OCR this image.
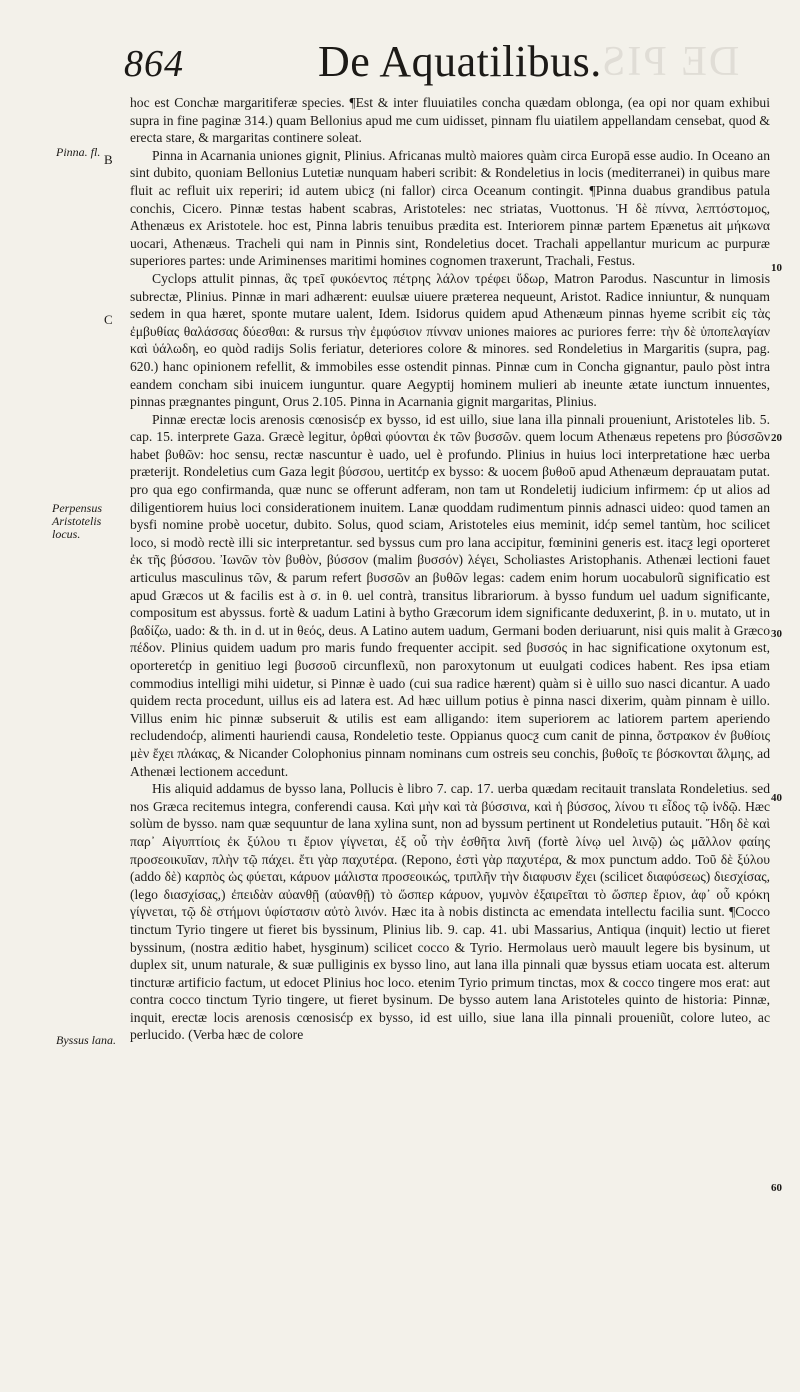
DE PIS
864	De Aquatilibus.
Pinna. fl.
Perpensus Aristotelis locus.
Byssus lana.
B
C
10
20
30
40
60

hoc est Conchæ margaritiferæ species. ¶Est & inter fluuiatiles concha quædam oblonga, (ea opi nor quam exhibui supra in fine paginæ 314.) quam Bellonius apud me cum uidisset, pinnam flu uiatilem appellandam censebat, quod & erecta stare, & margaritas continere soleat.

Pinna in Acarnania uniones gignit, Plinius. Africanas multò maiores quàm circa Europā esse audio. In Oceano an sint dubito, quoniam Bellonius Lutetiæ nunquam haberi scribit: & Rondeletius in locis (mediterranei) in quibus mare fluit ac refluit uix reperiri; id autem ubicƺ (ni fallor) circa Oceanum contingit. ¶Pinna duabus grandibus patula conchis, Cicero. Pinnæ testas habent scabras, Aristoteles: nec striatas, Vuottonus. Ἡ δὲ πίννα, λεπτόστομος, Athenæus ex Aristotele. hoc est, Pinna labris tenuibus prædita est. Interiorem pinnæ partem Epænetus ait μήκωνα uocari, Athenæus. Tracheli qui nam in Pinnis sint, Rondeletius docet. Trachali appellantur muricum ac purpuræ superiores partes: unde Ariminenses maritimi homines cognomen traxerunt, Trachali, Festus.

Cyclops attulit pinnas, ἃς τρεῖ φυκόεντος πέτρης λάλον τρέφει ὕδωρ, Matron Parodus. Nascuntur in limosis subrectæ, Plinius. Pinnæ in mari adhærent: euulsæ uiuere præterea nequeunt, Aristot. Radice inniuntur, & nunquam sedem in qua hæret, sponte mutare ualent, Idem. Isidorus quidem apud Athenæum pinnas hyeme scribit εἰς τὰς ἐμβυθίας θαλάσσας δύεσθαι: & rursus τὴν ἐμφύσιον πίνναν uniones maiores ac puriores ferre: τὴν δὲ ὑποπελαγίαν καὶ ὑάλωδη, eo quòd radijs Solis feriatur, deteriores colore & minores. sed Rondeletius in Margaritis (supra, pag. 620.) hanc opinionem refellit, & immobiles esse ostendit pinnas. Pinnæ cum in Concha gignantur, paulo pòst intra eandem concham sibi inuicem iunguntur. quare Aegyptij hominem mulieri ab ineunte ætate iunctum innuentes, pinnas prægnantes pingunt, Orus 2.105. Pinna in Acarnania gignit margaritas, Plinius.

Pinnæ erectæ locis arenosis cœnosisćp ex bysso, id est uillo, siue lana illa pinnali proueniunt, Aristoteles lib. 5. cap. 15. interprete Gaza. Græcè legitur, ὀρθαὶ φύονται ἐκ τῶν βυσσῶν. quem locum Athenæus repetens pro βύσσῶν habet βυθῶν: hoc sensu, rectæ nascuntur è uado, uel è profundo. Plinius in huius loci interpretatione hæc uerba præterijt. Rondeletius cum Gaza legit βύσσου, uertitćp ex bysso: & uocem βυθοῦ apud Athenæum deprauatam putat. pro qua ego confirmanda, quæ nunc se offerunt adferam, non tam ut Rondeletij iudicium infirmem: ćp ut alios ad diligentiorem huius loci considerationem inuitem. Lanæ quoddam rudimentum pinnis adnasci uideo: quod tamen an bysfi nomine probè uocetur, dubito. Solus, quod sciam, Aristoteles eius meminit, idćp semel tantùm, hoc scilicet loco, si modò rectè illi sic interpretantur. sed byssus cum pro lana accipitur, fœminini generis est. itacƺ legi oporteret ἐκ τῆς βύσσου. Ἰωνῶν τὸν βυθὸν, βύσσον (malim βυσσόν) λέγει, Scholiastes Aristophanis. Athenæi lectioni fauet articulus masculinus τῶν, & parum refert βυσσῶν an βυθῶν legas: cadem enim horum uocabulorũ significatio est apud Græcos ut & facilis est à σ. in θ. uel contrà, transitus librariorum. à bysso fundum uel uadum significante, compositum est abyssus. fortè & uadum Latini à bytho Græcorum idem significante deduxerint, β. in υ. mutato, ut in βαδίζω, uado: & th. in d. ut in θεός, deus. A Latino autem uadum, Germani boden deriuarunt, nisi quis malit à Græco πέδον. Plinius quidem uadum pro maris fundo frequenter accipit. sed βυσσός in hac significatione oxytonum est, oporteretćp in genitiuo legi βυσσοῦ circunflexũ, non paroxytonum ut euulgati codices habent. Res ipsa etiam commodius intelligi mihi uidetur, si Pinnæ è uado (cui sua radice hærent) quàm si è uillo suo nasci dicantur. A uado quidem recta procedunt, uillus eis ad latera est. Ad hæc uillum potius è pinna nasci dixerim, quàm pinnam è uillo. Villus enim hic pinnæ subseruit & utilis est eam alligando: item superiorem ac latiorem partem aperiendo recludendoćp, alimenti hauriendi causa, Rondeletio teste. Oppianus quocƺ cum canit de pinna, ὄστρακον ἐν βυθίοις μὲν ἔχει πλάκας, & Nicander Colophonius pinnam nominans cum ostreis seu conchis, βυθοῖς τε βόσκονται ἅλμης, ad Athenæi lectionem accedunt.

His aliquid addamus de bysso lana, Pollucis è libro 7. cap. 17. uerba quædam recitauit translata Rondeletius. sed nos Græca recitemus integra, conferendi causa. Καὶ μὴν καὶ τὰ βύσσινα, καὶ ἡ βύσσος, λίνου τι εἶδος τῷ ἰνδῷ. Hæc solùm de bysso. nam quæ sequuntur de lana xylina sunt, non ad byssum pertinent ut Rondeletius putauit. Ἤδη δὲ καὶ παρ᾽ Αἰγυπτίοις ἐκ ξύλου τι ἔριον γίγνεται, ἐξ οὗ τὴν ἐσθῆτα λινῆ (fortè λίνῳ uel λινῷ) ὡς μᾶλλον φαίης προσεοικυῖαν, πλὴν τῷ πάχει. ἔτι γὰρ παχυτέρα. (Repono, ἐστὶ γὰρ παχυτέρα, & mox punctum addo. Τοῦ δὲ ξύλου (addo δὲ) καρπὸς ὡς φύεται, κάρυον μάλιστα προσεοικώς, τριπλῆν τὴν διαφυσιν ἔχει (scilicet διαφύσεως) διεσχίσας, (lego διασχίσας,) ἐπειδὰν αὐανθῇ (αὐανθῇ) τὸ ὥσπερ κάρυον, γυμνὸν ἐξαιρεῖται τὸ ὥσπερ ἔριον, ἀφ᾽ οὗ κρόκη γίγνεται, τῷ δὲ στήμονι ὑφίστασιν αὐτὸ λινόν. Hæc ita à nobis distincta ac emendata intellectu facilia sunt. ¶Cocco tinctum Tyrio tingere ut fieret bis byssinum, Plinius lib. 9. cap. 41. ubi Massarius, Antiqua (inquit) lectio ut fieret byssinum, (nostra æditio habet, hysginum) scilicet cocco & Tyrio. Hermolaus uerò mauult legere bis bysinum, ut duplex sit, unum naturale, & suæ pulliginis ex bysso lino, aut lana illa pinnali quæ byssus etiam uocata est. alterum tincturæ artificio factum, ut edocet Plinius hoc loco. etenim Tyrio primum tinctas, mox & cocco tingere mos erat: aut contra cocco tinctum Tyrio tingere, ut fieret bysinum. De bysso autem lana Aristoteles quinto de historia: Pinnæ, inquit, erectæ locis arenosis cœnosisćp ex bysso, id est uillo, siue lana illa pinnali proueniũt, colore luteo, ac perlucido. (Verba hæc de colore
